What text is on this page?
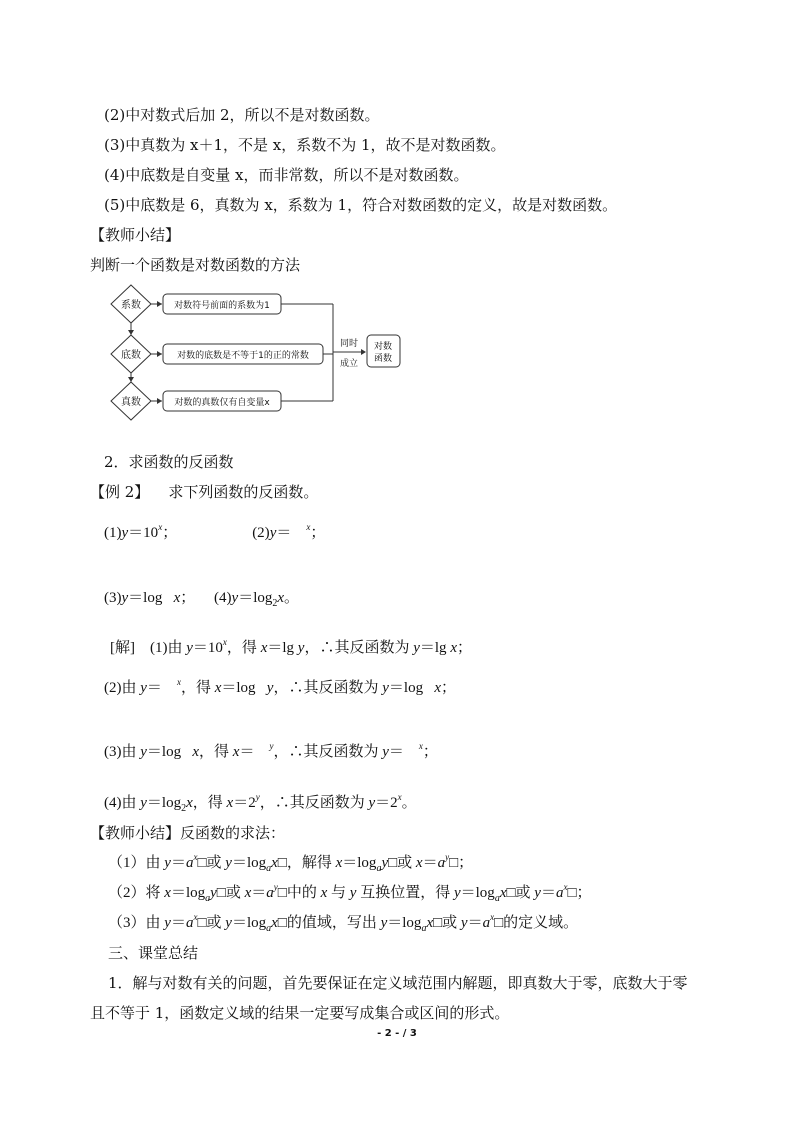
(2)中对数式后加 2，所以不是对数函数。
(3)中真数为 x＋1，不是 x，系数不为 1，故不是对数函数。
(4)中底数是自变量 x，而非常数，所以不是对数函数。
(5)中底数是 6，真数为 x，系数为 1，符合对数函数的定义，故是对数函数。
【教师小结】
判断一个函数是对数函数的方法
系数
底数
真数
对数符号前面的系数为1
对数的底数是不等于1的正的常数
对数的真数仅有自变量x
同时
成立
对数
函数
2．求函数的反函数
【例 2】 求下列函数的反函数。
$(1)y=10^x$；                    (2)y＝    $^x$；
(3)y＝log   x；     $(4)y=\log_2x$。
[解]    (1)由 $y=10^x$，得 x＝lg y，∴其反函数为 y＝lg x；
(2)由 y＝    $^x$，得 x＝log   y，∴其反函数为 y＝log   x；
(3)由 y＝log   x，得 x＝    $^y$，∴其反函数为 y＝    $^x$；
(4)由 $y=\log_2x$，得 $x=2^y$，∴其反函数为 $y=2^x$。
【教师小结】反函数的求法：
（1）由 $y=a^x□$或 $y=\log_ax□$，解得 $x=\log_ay□$或 $x=a^y□$；
（2）将 $x=\log_ay□$或 $x=a^y□$中的 x 与 y 互换位置，得 $y=\log_ax□$或 $y=a^x□$；
（3）由 $y=a^x□$或 $y=\log_ax□$的值域，写出 $y=\log_ax□$或 $y=a^x□$的定义域。
三、课堂总结
1．解与对数有关的问题，首先要保证在定义域范围内解题，即真数大于零，底数大于零
且不等于 1，函数定义域的结果一定要写成集合或区间的形式。
- 2 - / 3
